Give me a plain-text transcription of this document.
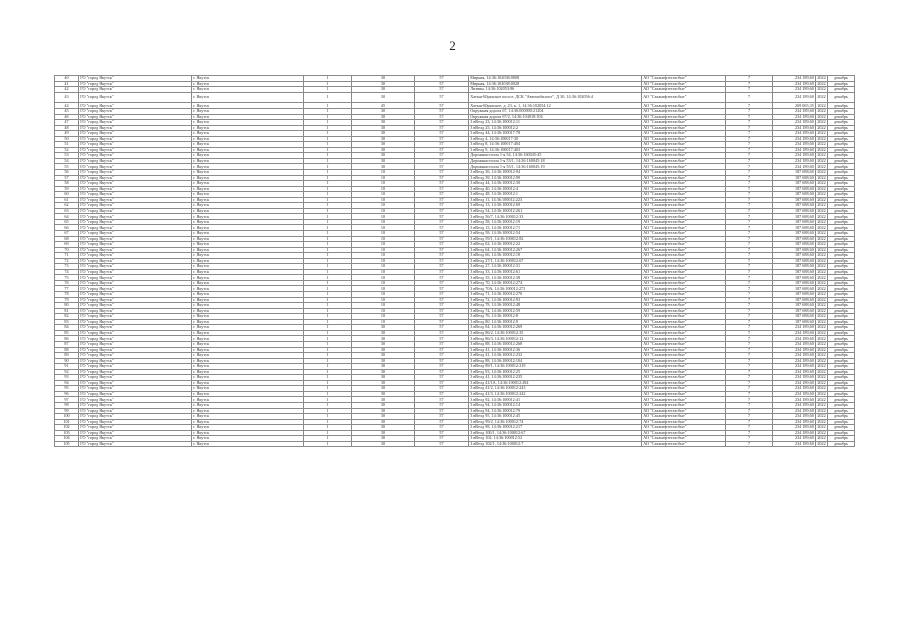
2
40	ГО "город Якутск"	г. Якутск	1	30	57	Мирная, 14:36:102038:0008	АО "Саханефтегазсбыт"	7	234 189,60	2022	декабрь
41	ГО "город Якутск"	г. Якутск	1	30	57	Мирная, 14:36:102038:0028	АО "Саханефтегазсбыт"	7	234 189,60	2022	декабрь
42	ГО "город Якутск"	г. Якутск	1	30	57	Литвин, 14:36:102053:96	АО "Саханефтегазсбыт"	7	234 189,60	2022	декабрь
43	ГО "город Якутск"	г. Якутск	1	30	57	Хатын-Юряхское шоссе, ДСК "Автомобилист", Д 30, 14:36:102056:4	АО "Саханефтегазсбыт"	7	234 189,60	2022	декабрь
44	ГО "город Якутск"	г. Якутск	1	45	57	Хатын-Юряхское, д. 23, к. 1, 14:36:102054:12	АО "Саханефтегазсбыт"	7	269 065,35	2022	декабрь
45	ГО "город Якутск"	г. Якутск	1	30	57	Окружная дорога 67, 14:36:000000:21204	АО "Саханефтегазсбыт"	7	234 189,60	2022	декабрь
46	ГО "город Якутск"	г. Якутск	1	30	57	Окружная дорога 67/2, 14:36:104018:104	АО "Саханефтегазсбыт"	7	234 189,60	2022	декабрь
47	ГО "город Якутск"	г. Якутск	1	30	57	3 вВелд 23, 14:36:100012:11	АО "Саханефтегазсбыт"	7	234 189,60	2022	декабрь
48	ГО "город Якутск"	г. Якутск	1	30	57	3 вВелд 25, 14:36:100012:2	АО "Саханефтегазсбыт"	7	234 189,60	2022	декабрь
49	ГО "город Якутск"	г. Якутск	1	30	57	3 вВелд 44, 14:36:100017:78	АО "Саханефтегазсбыт"	7	234 189,60	2022	декабрь
50	ГО "город Якутск"	г. Якутск	1	30	57	3 вВелд 4, 14:36:100017:30	АО "Саханефтегазсбыт"	7	234 189,60	2022	декабрь
51	ГО "город Якутск"	г. Якутск	1	30	57	3 вВелд 8, 14:36:100017:404	АО "Саханефтегазсбыт"	7	234 189,60	2022	декабрь
52	ГО "город Якутск"	г. Якутск	1	30	57	3 вВелд 9, 14:36:100017:403	АО "Саханефтегазсбыт"	7	234 189,60	2022	декабрь
53	ГО "город Якутск"	г. Якутск	1	30	57	Дорожныстолла 1-я 54, 14:36:160045:45	АО "Саханефтегазсбыт"	7	234 189,60	2022	декабрь
54	ГО "город Якутск"	г. Якутск	1	30	57	Дорожныстолла 1-я 53/1, 14:36:160045:18	АО "Саханефтегазсбыт"	7	234 189,60	2022	декабрь
55	ГО "город Якутск"	г. Якутск	1	30	57	Дорожныстолла 1-я 55/1, 14:36:160045:19	АО "Саханефтегазсбыт"	7	234 189,60	2022	декабрь
56	ГО "город Якутск"	г. Якутск	1	10	57	3 вВелд 36, 14:36:100012:94	АО "Саханефтегазсбыт"	7	187 688,60	2022	декабрь
57	ГО "город Якутск"	г. Якутск	1	10	57	3 вВелд 39, 14:36:100012:99	АО "Саханефтегазсбыт"	7	187 688,60	2022	декабрь
58	ГО "город Якутск"	г. Якутск	1	10	57	3 вВелд 44, 14:36:100012:30	АО "Саханефтегазсбыт"	7	187 688,60	2022	декабрь
59	ГО "город Якутск"	г. Якутск	1	10	57	3 вВелд 40, 14:36:100012:4	АО "Саханефтегазсбыт"	7	187 688,60	2022	декабрь
60	ГО "город Якутск"	г. Якутск	1	10	57	3 вВелд 48, 14:36:100012:1	АО "Саханефтегазсбыт"	7	187 688,60	2022	декабрь
61	ГО "город Якутск"	г. Якутск	1	10	57	3 вВелд 11, 14:36:100012:223	АО "Саханефтегазсбыт"	7	187 688,60	2022	декабрь
62	ГО "город Якутск"	г. Якутск	1	10	57	3 вВелд 13, 14:36:100012:69	АО "Саханефтегазсбыт"	7	187 688,60	2022	декабрь
63	ГО "город Якутск"	г. Якутск	1	10	57	3 вВелд 54, 14:36:100012:261	АО "Саханефтегазсбыт"	7	187 688,60	2022	декабрь
64	ГО "город Якутск"	г. Якутск	1	10	57	3 вВелд 56/7, 14:36:100012:33	АО "Саханефтегазсбыт"	7	187 688,60	2022	декабрь
65	ГО "город Якутск"	г. Якутск	1	10	57	3 вВелд 58, 14:36:100012:19	АО "Саханефтегазсбыт"	7	187 688,60	2022	декабрь
66	ГО "город Якутск"	г. Якутск	1	10	57	3 вВелд 15, 14:36:100012:71	АО "Саханефтегазсбыт"	7	187 688,60	2022	декабрь
67	ГО "город Якутск"	г. Якутск	1	10	57	3 вВелд 58, 14:36:100012:54	АО "Саханефтегазсбыт"	7	187 688,60	2022	декабрь
68	ГО "город Якутск"	г. Якутск	1	10	57	3 вВелд 59/1, 14:36:100012:82	АО "Саханефтегазсбыт"	7	187 688,60	2022	декабрь
69	ГО "город Якутск"	г. Якутск	1	10	57	3 вВелд 62, 14:36:100012:22	АО "Саханефтегазсбыт"	7	187 688,60	2022	декабрь
70	ГО "город Якутск"	г. Якутск	1	10	57	3 вВелд 64, 14:36:100012:267	АО "Саханефтегазсбыт"	7	187 688,60	2022	декабрь
71	ГО "город Якутск"	г. Якутск	1	10	57	3 вВелд 66, 14:36:100012:18	АО "Саханефтегазсбыт"	7	187 688,60	2022	декабрь
72	ГО "город Якутск"	г. Якутск	1	10	57	3 вВелд 27/1, 14:36:100012:67	АО "Саханефтегазсбыт"	7	187 688,60	2022	декабрь
73	ГО "город Якутск"	г. Якутск	1	10	57	3 вВелд 27, 14:36:100012:31	АО "Саханефтегазсбыт"	7	187 688,60	2022	декабрь
74	ГО "город Якутск"	г. Якутск	1	10	57	3 вВелд 33, 14:36:100012:61	АО "Саханефтегазсбыт"	7	187 688,60	2022	декабрь
75	ГО "город Якутск"	г. Якутск	1	10	57	3 вВелд 35, 14:36:100012:38	АО "Саханефтегазсбыт"	7	187 688,60	2022	декабрь
76	ГО "город Якутск"	г. Якутск	1	10	57	3 вВелд 70, 14:36:100012:274	АО "Саханефтегазсбыт"	7	187 688,60	2022	декабрь
77	ГО "город Якутск"	г. Якутск	1	10	57	3 вВелд 70А, 14:36:100012:273	АО "Саханефтегазсбыт"	7	187 688,60	2022	декабрь
78	ГО "город Якутск"	г. Якутск	1	10	57	3 вВелд 71, 14:36:100012:270	АО "Саханефтегазсбыт"	7	187 688,60	2022	декабрь
79	ГО "город Якутск"	г. Якутск	1	10	57	3 вВелд 72, 14:36:100012:93	АО "Саханефтегазсбыт"	7	187 688,60	2022	декабрь
80	ГО "город Якутск"	г. Якутск	1	10	57	3 вВелд 78, 14:36:100012:48	АО "Саханефтегазсбыт"	7	187 688,60	2022	декабрь
81	ГО "город Якутск"	г. Якутск	1	10	57	3 вВелд 74, 14:36:100012:59	АО "Саханефтегазсбыт"	7	187 688,60	2022	декабрь
82	ГО "город Якутск"	г. Якутск	1	10	57	3 вВелд 76, 14:36:100012:8	АО "Саханефтегазсбыт"	7	187 688,60	2022	декабрь
83	ГО "город Якутск"	г. Якутск	1	10	57	3 вВелд 80, 14:36:100012:9	АО "Саханефтегазсбыт"	7	187 688,60	2022	декабрь
84	ГО "город Якутск"	г. Якутск	1	30	57	3 вВелд 84, 14:36:100012:269	АО "Саханефтегазсбыт"	7	234 189,60	2022	декабрь
85	ГО "город Якутск"	г. Якутск	1	30	57	3 вВелд 86/2, 14:36:100012:35	АО "Саханефтегазсбыт"	7	234 189,60	2022	декабрь
86	ГО "город Якутск"	г. Якутск	1	30	57	3 вВелд 86/3, 14:36:100012:12	АО "Саханефтегазсбыт"	7	234 189,60	2022	декабрь
87	ГО "город Якутск"	г. Якутск	1	30	57	3 вВелд 88, 14:36:100012:268	АО "Саханефтегазсбыт"	7	234 189,60	2022	декабрь
88	ГО "город Якутск"	г. Якутск	1	30	57	3 вВелд 41, 14:36:100012:36	АО "Саханефтегазсбыт"	7	234 189,60	2022	декабрь
89	ГО "город Якутск"	г. Якутск	1	30	57	3 вВелд 41, 14:36:100012:232	АО "Саханефтегазсбыт"	7	234 189,60	2022	декабрь
90	ГО "город Якутск"	г. Якутск	1	30	57	3 вВелд 88, 14:36:100012:104	АО "Саханефтегазсбыт"	7	234 189,60	2022	декабрь
91	ГО "город Якутск"	г. Якутск	1	30	57	3 вВелд 89/1, 14:36:100012:219	АО "Саханефтегазсбыт"	7	234 189,60	2022	декабрь
92	ГО "город Якутск"	г. Якутск	1	30	57	3 вВелд 93, 14:36:100012:25	АО "Саханефтегазсбыт"	7	234 189,60	2022	декабрь
93	ГО "город Якутск"	г. Якутск	1	30	57	3 вВелд 41, 14:36:100012:235	АО "Саханефтегазсбыт"	7	234 189,60	2022	декабрь
94	ГО "город Якутск"	г. Якутск	1	30	57	3 вВелд 41/1А, 14:36:100012:284	АО "Саханефтегазсбыт"	7	234 189,60	2022	декабрь
95	ГО "город Якутск"	г. Якутск	1	30	57	3 вВелд 41/2, 14:36:100012:243	АО "Саханефтегазсбыт"	7	234 189,60	2022	декабрь
96	ГО "город Якутск"	г. Якутск	1	30	57	3 вВелд 41/3, 14:36:100012:242	АО "Саханефтегазсбыт"	7	234 189,60	2022	декабрь
97	ГО "город Якутск"	г. Якутск	1	30	57	3 вВелд 92, 14:36:100012:41	АО "Саханефтегазсбыт"	7	234 189,60	2022	декабрь
98	ГО "город Якутск"	г. Якутск	1	30	57	3 вВелд 94, 14:36:100012:14	АО "Саханефтегазсбыт"	7	234 189,60	2022	декабрь
99	ГО "город Якутск"	г. Якутск	1	30	57	3 вВелд 94, 14:36:100012:79	АО "Саханефтегазсбыт"	7	234 189,60	2022	декабрь
100	ГО "город Якутск"	г. Якутск	1	30	57	3 вВелд 95, 14:36:100012:45	АО "Саханефтегазсбыт"	7	234 189,60	2022	декабрь
101	ГО "город Якутск"	г. Якутск	1	30	57	3 вВелд 99/2, 14:36:100012:74	АО "Саханефтегазсбыт"	7	234 189,60	2022	декабрь
102	ГО "город Якутск"	г. Якутск	1	30	57	3 вВелд 98, 14:36:100012:217	АО "Саханефтегазсбыт"	7	234 189,60	2022	декабрь
103	ГО "город Якутск"	г. Якутск	1	30	57	3 вВелд 100/1, 14:36:100012:67	АО "Саханефтегазсбыт"	7	234 189,60	2022	декабрь
104	ГО "город Якутск"	г. Якутск	1	30	57	3 вВелд 102, 14:36:100012:52	АО "Саханефтегазсбыт"	7	234 189,60	2022	декабрь
105	ГО "город Якутск"	г. Якутск	1	30	57	3 вВелд 102/1, 14:36:100012:7	АО "Саханефтегазсбыт"	7	234 189,60	2022	декабрь
